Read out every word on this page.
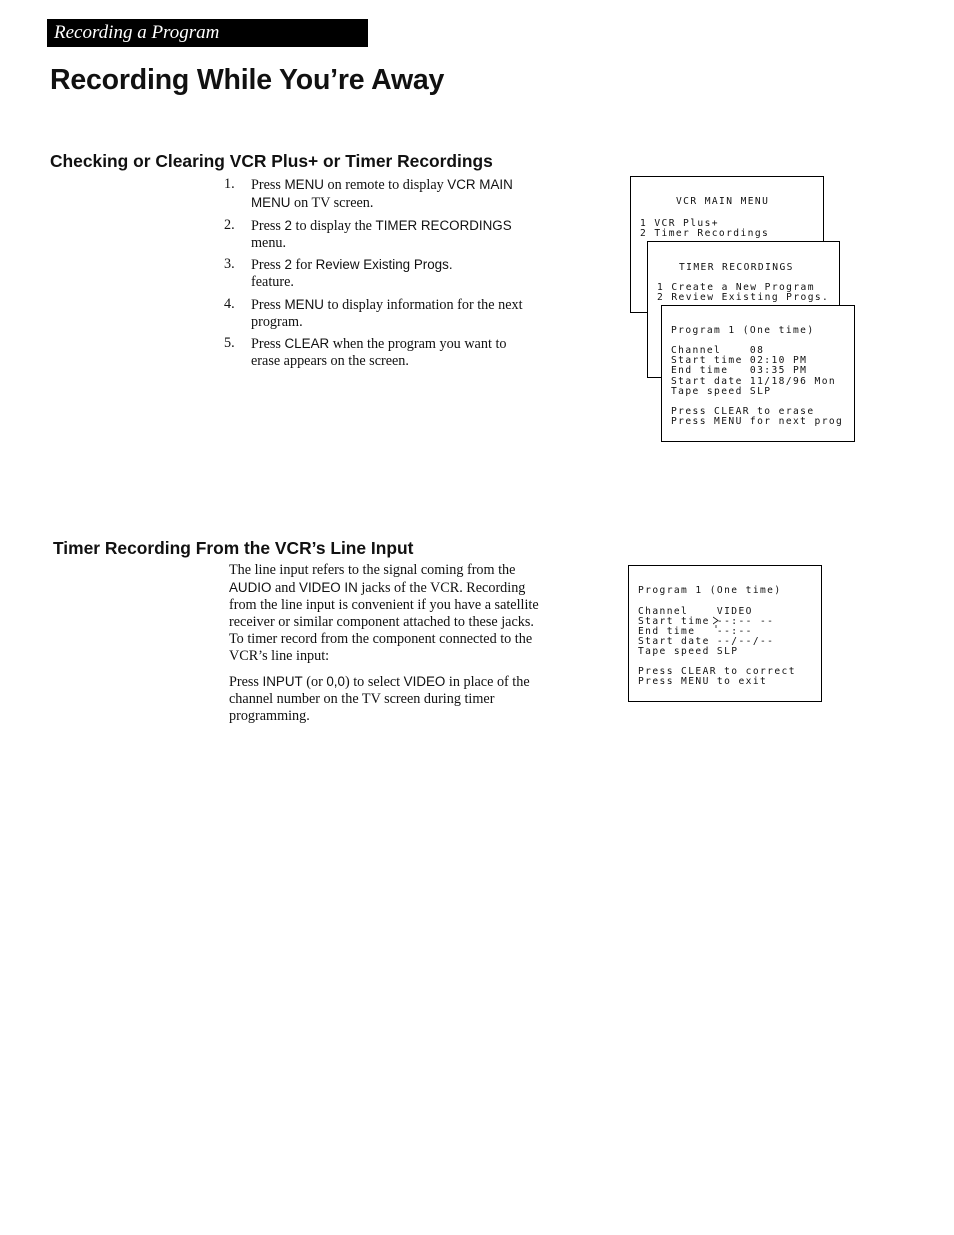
Recording a Program
Recording While You’re Away
Checking or Clearing VCR Plus+ or Timer Recordings
1. Press MENU on remote to display VCR MAIN MENU on TV screen.
2. Press 2 to display the TIMER RECORDINGS menu.
3. Press 2 for Review Existing Progs.
feature.
4. Press MENU to display information for the next program.
5. Press CLEAR when the program you want to erase appears on the screen.
VCR MAIN MENU
1 VCR Plus+
2 Timer Recordings
TIMER RECORDINGS
1 Create a New Program
2 Review Existing Progs.
Program 1 (One time)
Channel    08
Start time 02:10 PM
End time   03:35 PM
Start date 11/18/96 Mon
Tape speed SLP
Press CLEAR to erase
Press MENU for next prog
Timer Recording From the VCR’s Line Input

The line input refers to the signal coming from the AUDIO and VIDEO IN jacks of the VCR. Recording from the line input is convenient if you have a satellite receiver or similar component attached to these jacks. To timer record from the component connected to the VCR’s line input:

Press INPUT (or 0,0) to select VIDEO in place of the channel number on the TV screen during timer programming.

Program 1 (One time)
Channel    VIDEO
Start time --:-- --
End time   --:--
Start date --/--/--
Tape speed SLP
Press CLEAR to correct
Press MENU to exit
